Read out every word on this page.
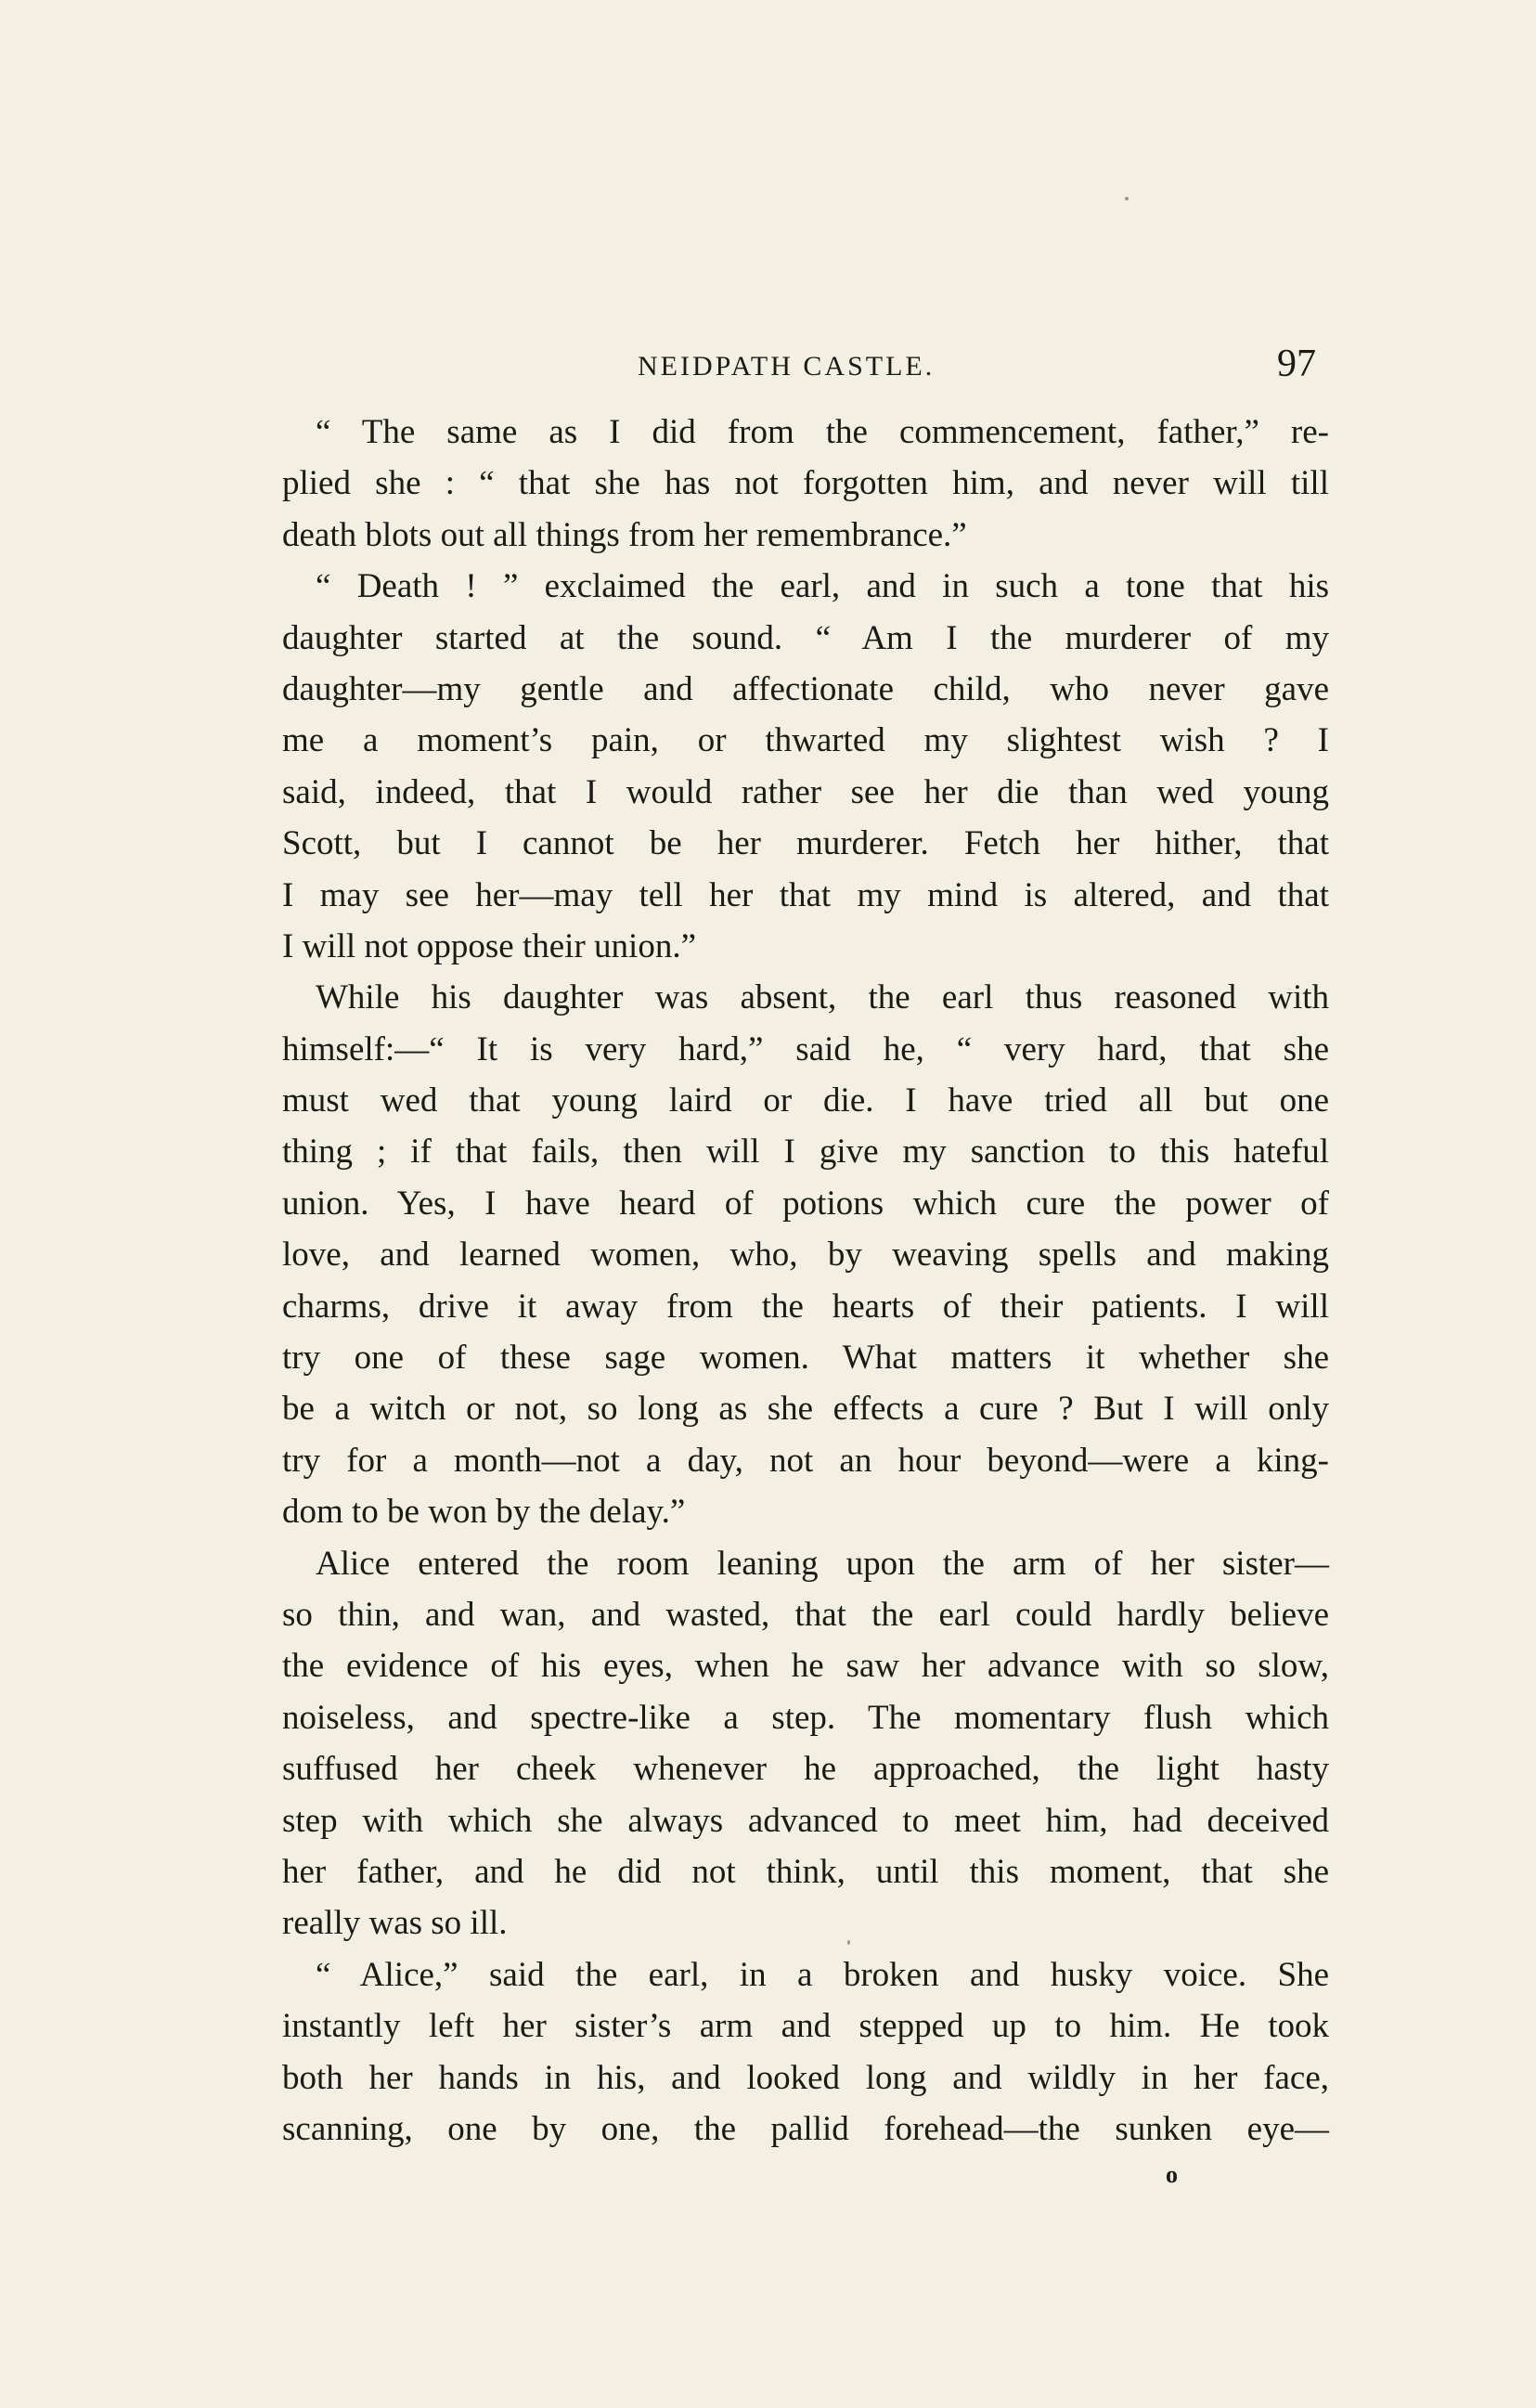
NEIDPATH CASTLE.	97
“ The same as I did from the commencement, father,” re-
plied she : “ that she has not forgotten him, and never will till
death blots out all things from her remembrance.”
“ Death ! ” exclaimed the earl, and in such a tone that his
daughter started at the sound. “ Am I the murderer of my
daughter—my gentle and affectionate child, who never gave
me a moment’s pain, or thwarted my slightest wish ? I
said, indeed, that I would rather see her die than wed young
Scott, but I cannot be her murderer. Fetch her hither, that
I may see her—may tell her that my mind is altered, and that
I will not oppose their union.”
While his daughter was absent, the earl thus reasoned with
himself:—“ It is very hard,” said he, “ very hard, that she
must wed that young laird or die. I have tried all but one
thing ; if that fails, then will I give my sanction to this hateful
union. Yes, I have heard of potions which cure the power of
love, and learned women, who, by weaving spells and making
charms, drive it away from the hearts of their patients. I will
try one of these sage women. What matters it whether she
be a witch or not, so long as she effects a cure ? But I will only
try for a month—not a day, not an hour beyond—were a king-
dom to be won by the delay.”
Alice entered the room leaning upon the arm of her sister—
so thin, and wan, and wasted, that the earl could hardly believe
the evidence of his eyes, when he saw her advance with so slow,
noiseless, and spectre-like a step. The momentary flush which
suffused her cheek whenever he approached, the light hasty
step with which she always advanced to meet him, had deceived
her father, and he did not think, until this moment, that she
really was so ill.
“ Alice,” said the earl, in a broken and husky voice. She
instantly left her sister’s arm and stepped up to him. He took
both her hands in his, and looked long and wildly in her face,
scanning, one by one, the pallid forehead—the sunken eye—
o
